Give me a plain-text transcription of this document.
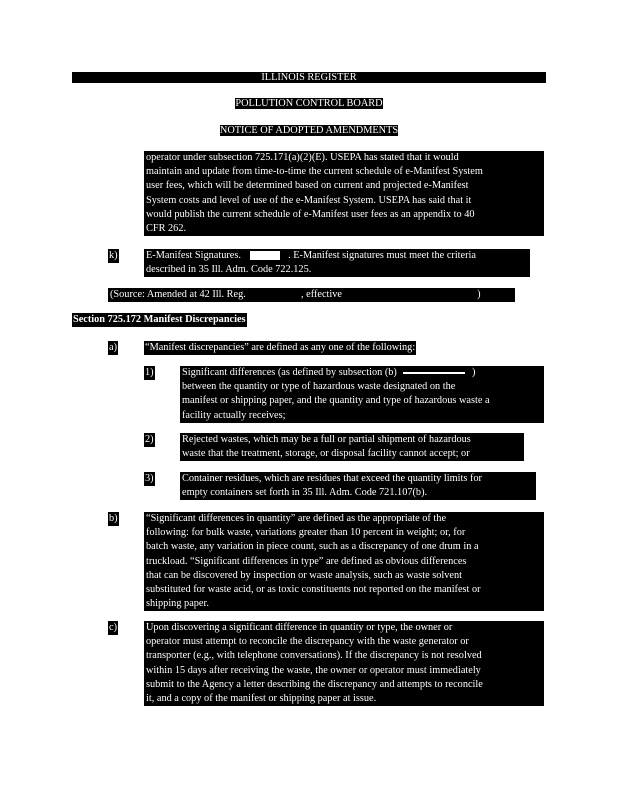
ILLINOIS REGISTER
POLLUTION CONTROL BOARD
NOTICE OF ADOPTED AMENDMENTS
operator under subsection 725.171(a)(2)(E). USEPA has stated that it would
maintain and update from time-to-time the current schedule of e-Manifest System
user fees, which will be determined based on current and projected e-Manifest
System costs and level of use of the e-Manifest System. USEPA has said that it
would publish the current schedule of e-Manifest user fees as an appendix to 40
CFR 262.
k)	E-Manifest Signatures.	. E-Manifest signatures must meet the criteria
described in 35 Ill. Adm. Code 722.125.
(Source: Amended at 42 Ill. Reg.	, effective	)
Section 725.172 Manifest Discrepancies
a)	“Manifest discrepancies” are defined as any one of the following:
1)	Significant differences (as defined by subsection (b)	)
between the quantity or type of hazardous waste designated on the
manifest or shipping paper, and the quantity and type of hazardous waste a
facility actually receives;
2)	Rejected wastes, which may be a full or partial shipment of hazardous
waste that the treatment, storage, or disposal facility cannot accept; or
3)	Container residues, which are residues that exceed the quantity limits for
empty containers set forth in 35 Ill. Adm. Code 721.107(b).
b)	“Significant differences in quantity” are defined as the appropriate of the
following: for bulk waste, variations greater than 10 percent in weight; or, for
batch waste, any variation in piece count, such as a discrepancy of one drum in a
truckload. “Significant differences in type” are defined as obvious differences
that can be discovered by inspection or waste analysis, such as waste solvent
substituted for waste acid, or as toxic constituents not reported on the manifest or
shipping paper.
c)	Upon discovering a significant difference in quantity or type, the owner or
operator must attempt to reconcile the discrepancy with the waste generator or
transporter (e.g., with telephone conversations). If the discrepancy is not resolved
within 15 days after receiving the waste, the owner or operator must immediately
submit to the Agency a letter describing the discrepancy and attempts to reconcile
it, and a copy of the manifest or shipping paper at issue.
